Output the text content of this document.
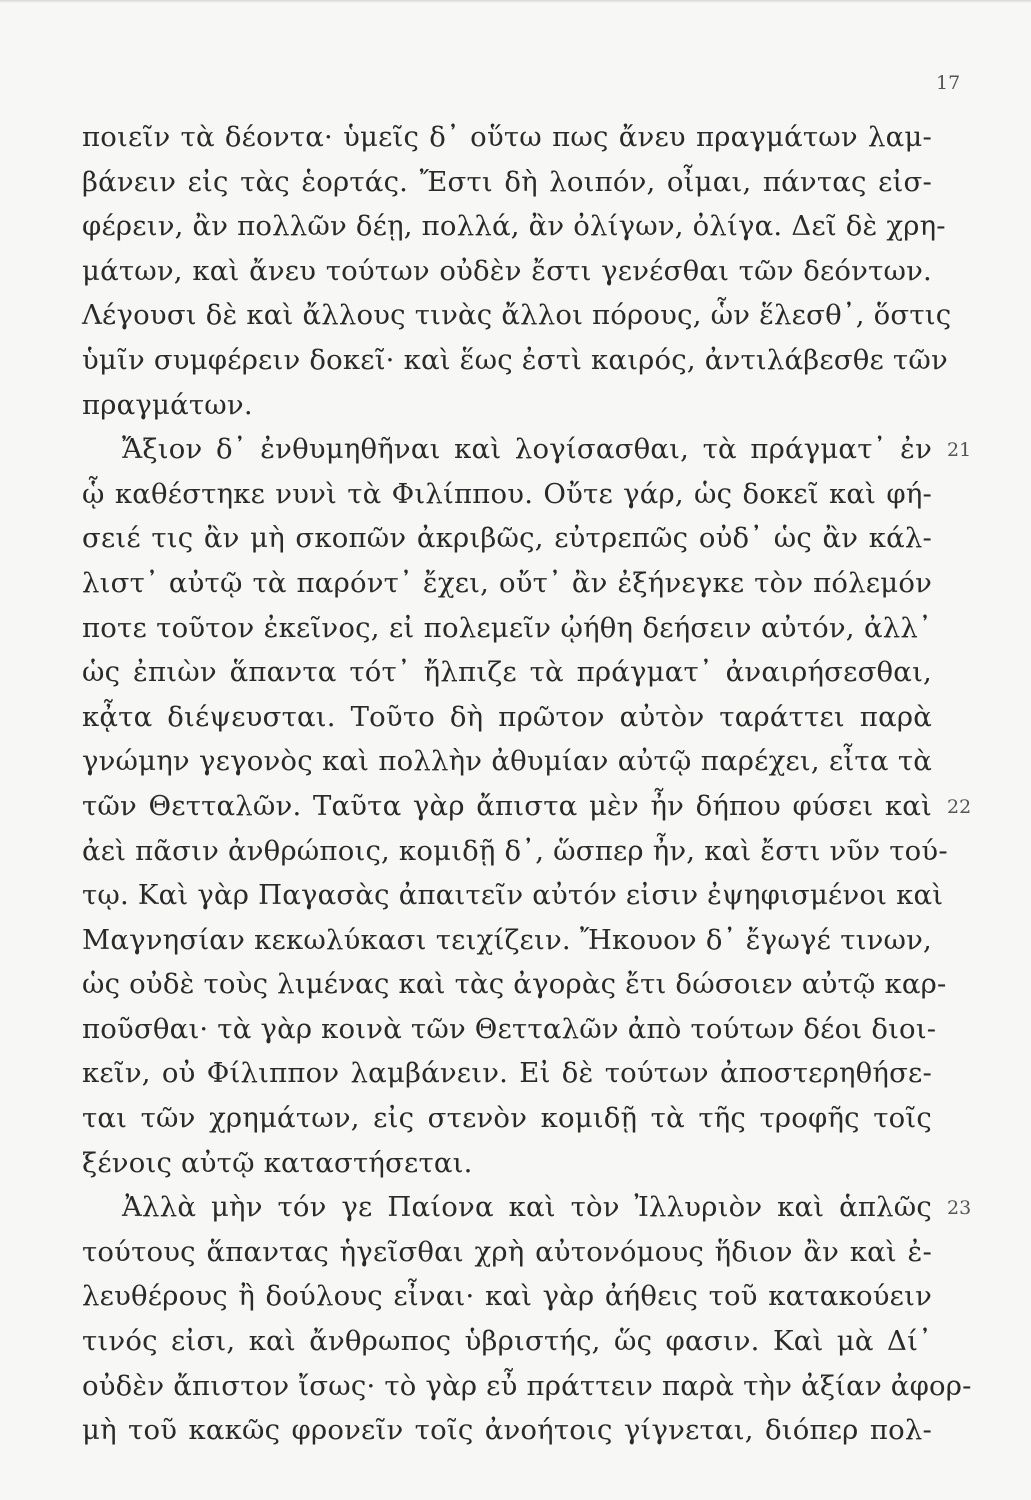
17
ποιεῖν τὰ δέοντα· ὑμεῖς δ᾽ οὕτω πως ἄνευ πραγμάτων λαμ-
βάνειν εἰς τὰς ἑορτάς. Ἔστι δὴ λοιπόν, οἶμαι, πάντας εἰσ-
φέρειν, ἂν πολλῶν δέῃ, πολλά, ἂν ὀλίγων, ὀλίγα. Δεῖ δὲ χρη-
μάτων, καὶ ἄνευ τούτων οὐδὲν ἔστι γενέσθαι τῶν δεόντων.
Λέγουσι δὲ καὶ ἄλλους τινὰς ἄλλοι πόρους, ὧν ἕλεσθ᾽, ὅστις
ὑμῖν συμφέρειν δοκεῖ· καὶ ἕως ἐστὶ καιρός, ἀντιλάβεσθε τῶν
πραγμάτων.
Ἄξιον δ᾽ ἐνθυμηθῆναι καὶ λογίσασθαι, τὰ πράγματ᾽ ἐν
ᾧ καθέστηκε νυνὶ τὰ Φιλίππου. Οὔτε γάρ, ὡς δοκεῖ καὶ φή-
σειέ τις ἂν μὴ σκοπῶν ἀκριβῶς, εὐτρεπῶς οὐδ᾽ ὡς ἂν κάλ-
λιστ᾽ αὐτῷ τὰ παρόντ᾽ ἔχει, οὔτ᾽ ἂν ἐξήνεγκε τὸν πόλεμόν
ποτε τοῦτον ἐκεῖνος, εἰ πολεμεῖν ᾠήθη δεήσειν αὐτόν, ἀλλ᾽
ὡς ἐπιὼν ἅπαντα τότ᾽ ἤλπιζε τὰ πράγματ᾽ ἀναιρήσεσθαι,
κᾆτα διέψευσται. Τοῦτο δὴ πρῶτον αὐτὸν ταράττει παρὰ
γνώμην γεγονὸς καὶ πολλὴν ἀθυμίαν αὐτῷ παρέχει, εἶτα τὰ
τῶν Θετταλῶν. Ταῦτα γὰρ ἄπιστα μὲν ἦν δήπου φύσει καὶ
ἀεὶ πᾶσιν ἀνθρώποις, κομιδῇ δ᾽, ὥσπερ ἦν, καὶ ἔστι νῦν τού-
τῳ. Καὶ γὰρ Παγασὰς ἀπαιτεῖν αὐτόν εἰσιν ἐψηφισμένοι καὶ
Μαγνησίαν κεκωλύκασι τειχίζειν. Ἤκουον δ᾽ ἔγωγέ τινων,
ὡς οὐδὲ τοὺς λιμένας καὶ τὰς ἀγορὰς ἔτι δώσοιεν αὐτῷ καρ-
ποῦσθαι· τὰ γὰρ κοινὰ τῶν Θετταλῶν ἀπὸ τούτων δέοι διοι-
κεῖν, οὐ Φίλιππον λαμβάνειν. Εἰ δὲ τούτων ἀποστερηθήσε-
ται τῶν χρημάτων, εἰς στενὸν κομιδῇ τὰ τῆς τροφῆς τοῖς
ξένοις αὐτῷ καταστήσεται.
Ἀλλὰ μὴν τόν γε Παίονα καὶ τὸν Ἰλλυριὸν καὶ ἁπλῶς
τούτους ἅπαντας ἡγεῖσθαι χρὴ αὐτονόμους ἥδιον ἂν καὶ ἐ-
λευθέρους ἢ δούλους εἶναι· καὶ γὰρ ἀήθεις τοῦ κατακούειν
τινός εἰσι, καὶ ἄνθρωπος ὑβριστής, ὥς φασιν. Καὶ μὰ Δί᾽
οὐδὲν ἄπιστον ἴσως· τὸ γὰρ εὖ πράττειν παρὰ τὴν ἀξίαν ἀφορ-
μὴ τοῦ κακῶς φρονεῖν τοῖς ἀνοήτοις γίγνεται, διόπερ πολ-
21
22
23
